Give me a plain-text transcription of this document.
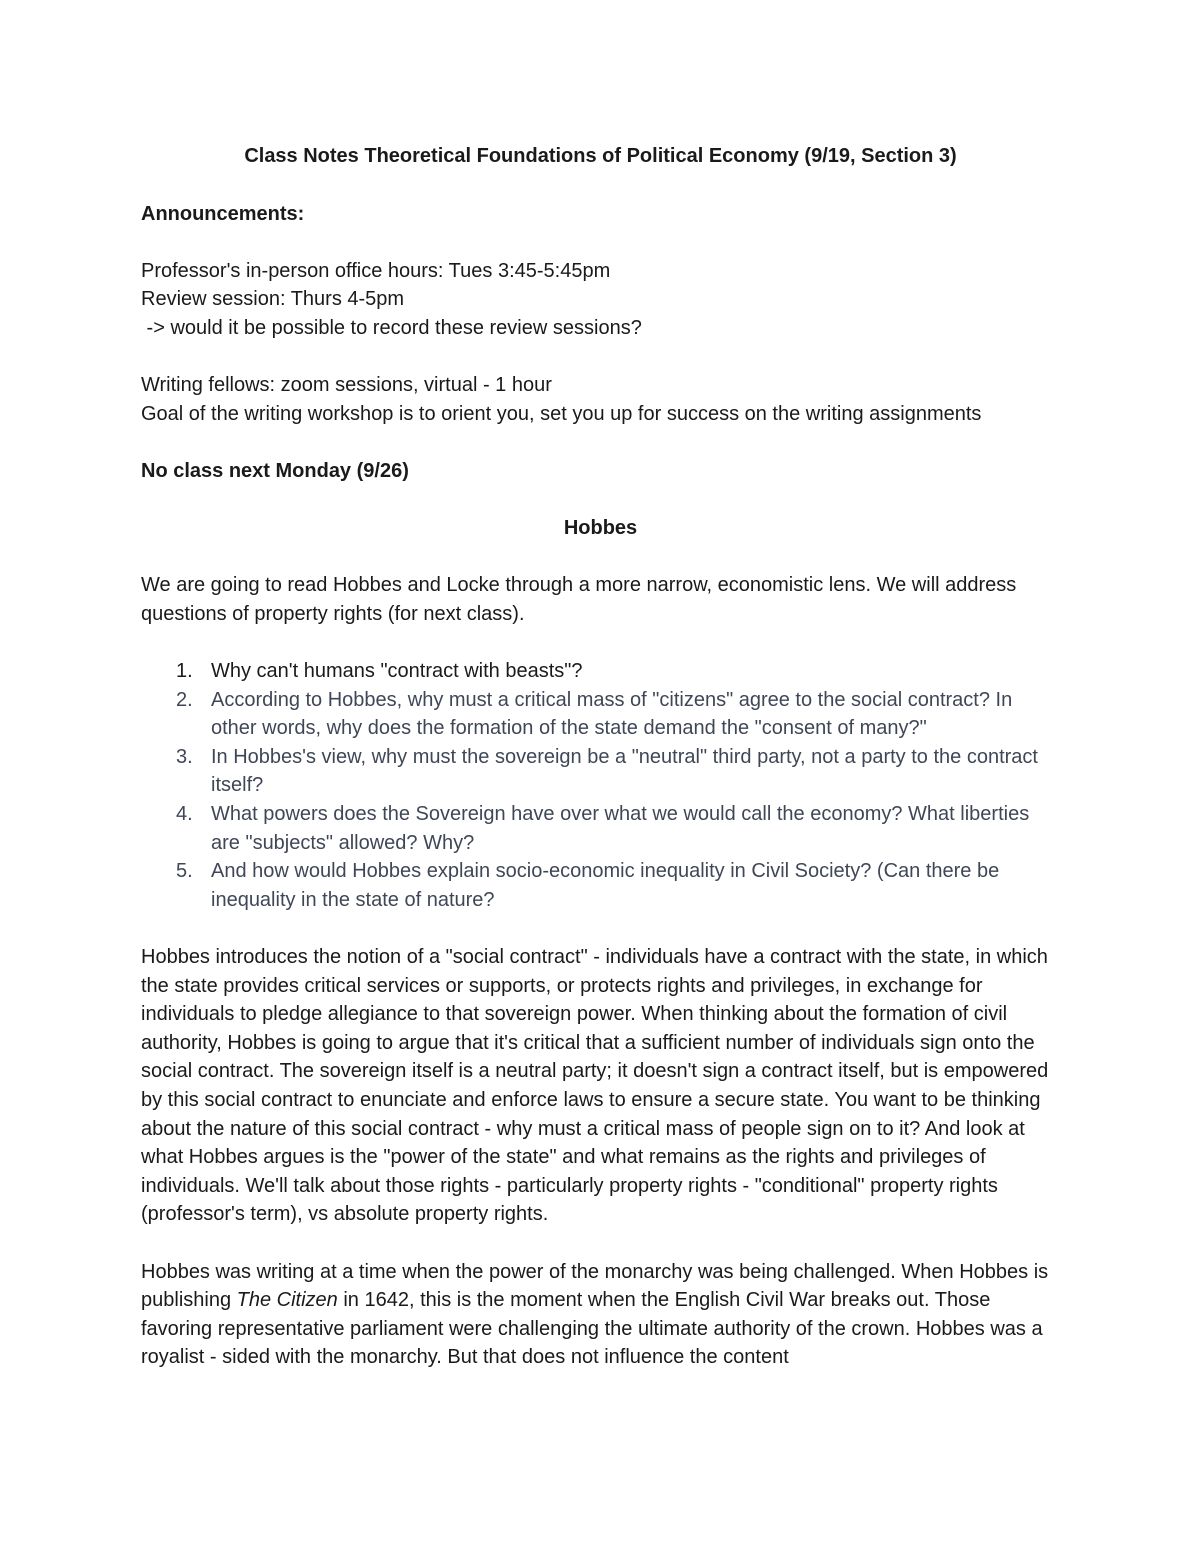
Class Notes Theoretical Foundations of Political Economy (9/19, Section 3)

Announcements:

Professor's in-person office hours: Tues 3:45-5:45pm

Review session: Thurs 4-5pm

-> would it be possible to record these review sessions?

Writing fellows: zoom sessions, virtual - 1 hour

Goal of the writing workshop is to orient you, set you up for success on the writing assignments

No class next Monday (9/26)

Hobbes

We are going to read Hobbes and Locke through a more narrow, economistic lens. We will address questions of property rights (for next class).

1. Why can't humans "contract with beasts"?
2. According to Hobbes, why must a critical mass of "citizens" agree to the social contract? In other words, why does the formation of the state demand the "consent of many?"
3. In Hobbes's view, why must the sovereign be a "neutral" third party, not a party to the contract itself?
4. What powers does the Sovereign have over what we would call the economy? What liberties are "subjects" allowed? Why?
5. And how would Hobbes explain socio-economic inequality in Civil Society? (Can there be inequality in the state of nature?

Hobbes introduces the notion of a "social contract" - individuals have a contract with the state, in which the state provides critical services or supports, or protects rights and privileges, in exchange for individuals to pledge allegiance to that sovereign power. When thinking about the formation of civil authority, Hobbes is going to argue that it's critical that a sufficient number of individuals sign onto the social contract. The sovereign itself is a neutral party; it doesn't sign a contract itself, but is empowered by this social contract to enunciate and enforce laws to ensure a secure state. You want to be thinking about the nature of this social contract - why must a critical mass of people sign on to it? And look at what Hobbes argues is the "power of the state" and what remains as the rights and privileges of individuals. We'll talk about those rights - particularly property rights - "conditional" property rights (professor's term), vs absolute property rights.

Hobbes was writing at a time when the power of the monarchy was being challenged. When Hobbes is publishing The Citizen in 1642, this is the moment when the English Civil War breaks out. Those favoring representative parliament were challenging the ultimate authority of the crown. Hobbes was a royalist - sided with the monarchy. But that does not influence the content
